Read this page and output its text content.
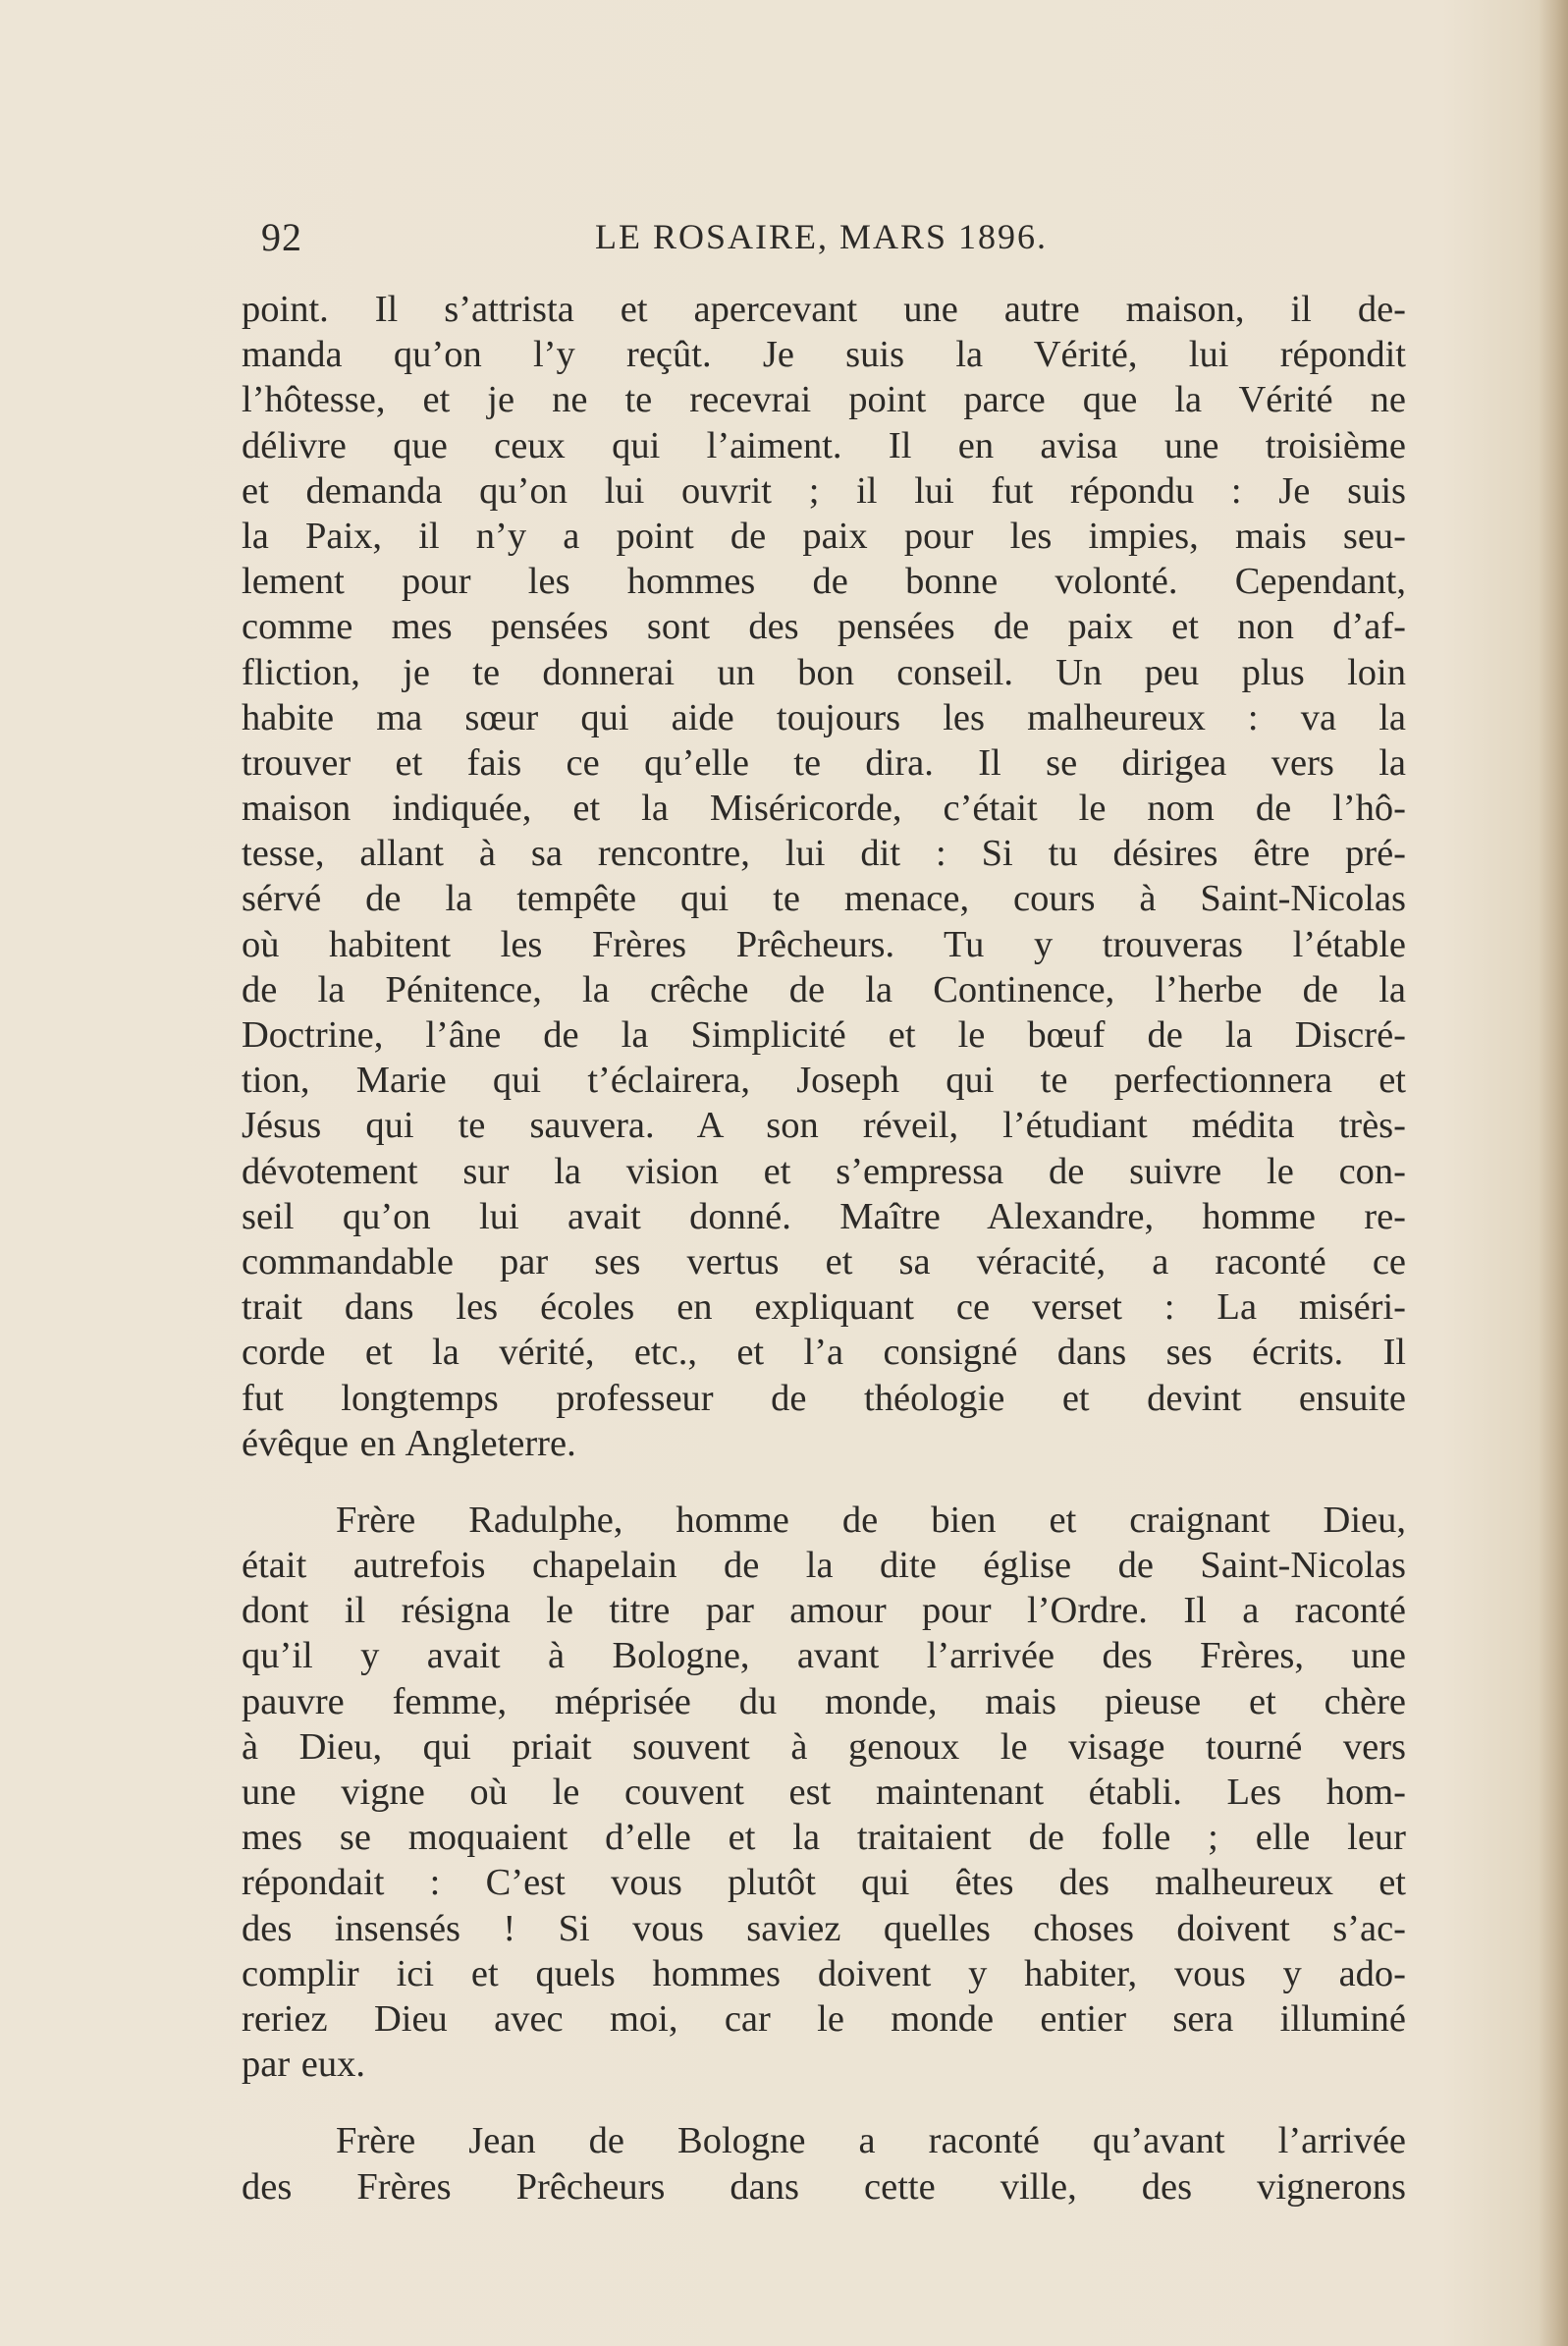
92	LE ROSAIRE, MARS 1896.
point. Il s’attrista et apercevant une autre maison, il de-
manda qu’on l’y reçût. Je suis la Vérité, lui répondit
l’hôtesse, et je ne te recevrai point parce que la Vérité ne
délivre que ceux qui l’aiment. Il en avisa une troisième
et demanda qu’on lui ouvrit ; il lui fut répondu : Je suis
la Paix, il n’y a point de paix pour les impies, mais seu-
lement pour les hommes de bonne volonté. Cependant,
comme mes pensées sont des pensées de paix et non d’af-
fliction, je te donnerai un bon conseil. Un peu plus loin
habite ma sœur qui aide toujours les malheureux : va la
trouver et fais ce qu’elle te dira. Il se dirigea vers la
maison indiquée, et la Miséricorde, c’était le nom de l’hô-
tesse, allant à sa rencontre, lui dit : Si tu désires être pré-
sérvé de la tempête qui te menace, cours à Saint-Nicolas
où habitent les Frères Prêcheurs. Tu y trouveras l’étable
de la Pénitence, la crêche de la Continence, l’herbe de la
Doctrine, l’âne de la Simplicité et le bœuf de la Discré-
tion, Marie qui t’éclairera, Joseph qui te perfectionnera et
Jésus qui te sauvera. A son réveil, l’étudiant médita très-
dévotement sur la vision et s’empressa de suivre le con-
seil qu’on lui avait donné. Maître Alexandre, homme re-
commandable par ses vertus et sa véracité, a raconté ce
trait dans les écoles en expliquant ce verset : La miséri-
corde et la vérité, etc., et l’a consigné dans ses écrits. Il
fut longtemps professeur de théologie et devint ensuite
évêque en Angleterre.
Frère Radulphe, homme de bien et craignant Dieu,
était autrefois chapelain de la dite église de Saint-Nicolas
dont il résigna le titre par amour pour l’Ordre. Il a raconté
qu’il y avait à Bologne, avant l’arrivée des Frères, une
pauvre femme, méprisée du monde, mais pieuse et chère
à Dieu, qui priait souvent à genoux le visage tourné vers
une vigne où le couvent est maintenant établi. Les hom-
mes se moquaient d’elle et la traitaient de folle ; elle leur
répondait : C’est vous plutôt qui êtes des malheureux et
des insensés ! Si vous saviez quelles choses doivent s’ac-
complir ici et quels hommes doivent y habiter, vous y ado-
reriez Dieu avec moi, car le monde entier sera illuminé
par eux.
Frère Jean de Bologne a raconté qu’avant l’arrivée
des Frères Prêcheurs dans cette ville, des vignerons
